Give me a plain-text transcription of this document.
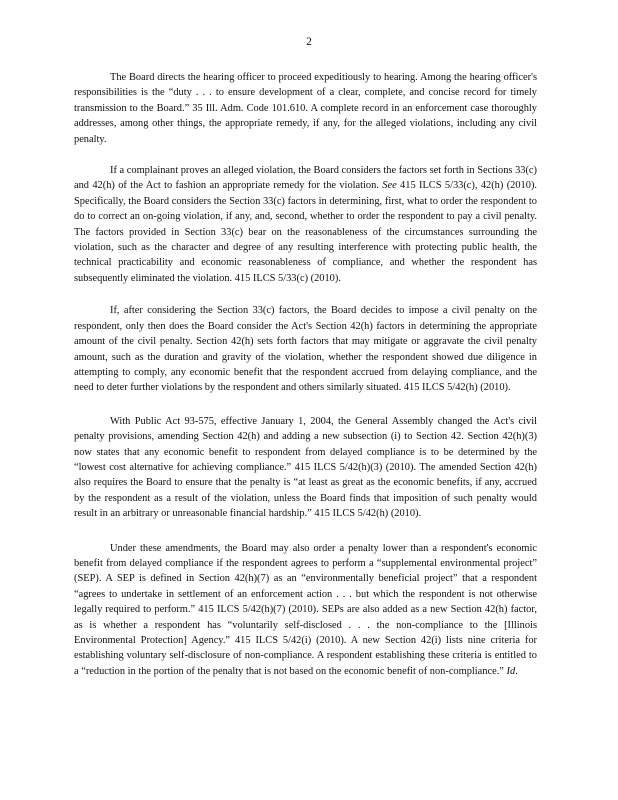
2

The Board directs the hearing officer to proceed expeditiously to hearing. Among the hearing officer's responsibilities is the “duty . . . to ensure development of a clear, complete, and concise record for timely transmission to the Board.” 35 Ill. Adm. Code 101.610. A complete record in an enforcement case thoroughly addresses, among other things, the appropriate remedy, if any, for the alleged violations, including any civil penalty.

If a complainant proves an alleged violation, the Board considers the factors set forth in Sections 33(c) and 42(h) of the Act to fashion an appropriate remedy for the violation. See 415 ILCS 5/33(c), 42(h) (2010). Specifically, the Board considers the Section 33(c) factors in determining, first, what to order the respondent to do to correct an on-going violation, if any, and, second, whether to order the respondent to pay a civil penalty. The factors provided in Section 33(c) bear on the reasonableness of the circumstances surrounding the violation, such as the character and degree of any resulting interference with protecting public health, the technical practicability and economic reasonableness of compliance, and whether the respondent has subsequently eliminated the violation. 415 ILCS 5/33(c) (2010).

If, after considering the Section 33(c) factors, the Board decides to impose a civil penalty on the respondent, only then does the Board consider the Act's Section 42(h) factors in determining the appropriate amount of the civil penalty. Section 42(h) sets forth factors that may mitigate or aggravate the civil penalty amount, such as the duration and gravity of the violation, whether the respondent showed due diligence in attempting to comply, any economic benefit that the respondent accrued from delaying compliance, and the need to deter further violations by the respondent and others similarly situated. 415 ILCS 5/42(h) (2010).

With Public Act 93-575, effective January 1, 2004, the General Assembly changed the Act's civil penalty provisions, amending Section 42(h) and adding a new subsection (i) to Section 42. Section 42(h)(3) now states that any economic benefit to respondent from delayed compliance is to be determined by the “lowest cost alternative for achieving compliance.” 415 ILCS 5/42(h)(3) (2010). The amended Section 42(h) also requires the Board to ensure that the penalty is “at least as great as the economic benefits, if any, accrued by the respondent as a result of the violation, unless the Board finds that imposition of such penalty would result in an arbitrary or unreasonable financial hardship.” 415 ILCS 5/42(h) (2010).

Under these amendments, the Board may also order a penalty lower than a respondent's economic benefit from delayed compliance if the respondent agrees to perform a “supplemental environmental project” (SEP). A SEP is defined in Section 42(h)(7) as an “environmentally beneficial project” that a respondent “agrees to undertake in settlement of an enforcement action . . . but which the respondent is not otherwise legally required to perform.” 415 ILCS 5/42(h)(7) (2010). SEPs are also added as a new Section 42(h) factor, as is whether a respondent has “voluntarily self-disclosed . . . the non-compliance to the [Illinois Environmental Protection] Agency.” 415 ILCS 5/42(i) (2010). A new Section 42(i) lists nine criteria for establishing voluntary self-disclosure of non-compliance. A respondent establishing these criteria is entitled to a “reduction in the portion of the penalty that is not based on the economic benefit of non-compliance.” Id.
